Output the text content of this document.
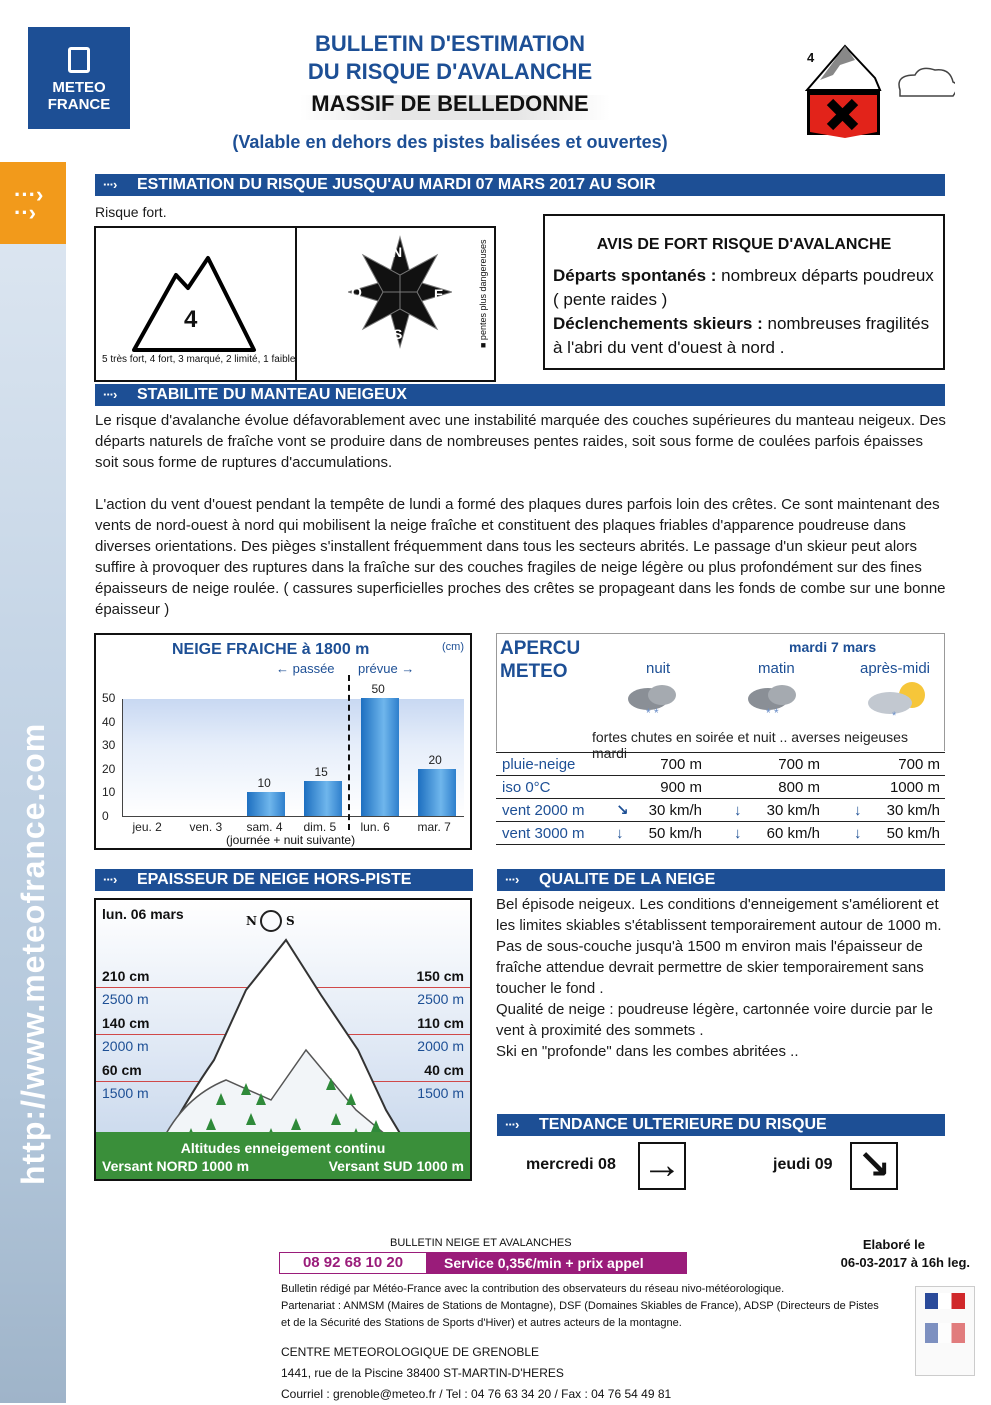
···›
··›
http://www.meteofrance.com
··›
METEO
FRANCE
BULLETIN D'ESTIMATION
DU RISQUE D'AVALANCHE
MASSIF DE BELLEDONNE
(Valable en dehors des pistes balisées et ouvertes)
4
···› ESTIMATION DU RISQUE JUSQU'AU MARDI 07 MARS 2017 AU SOIR
Risque fort.
4
5 très fort, 4 fort, 3 marqué, 2 limité, 1 faible
N
E
S
O	■ pentes plus dangereuses	AVIS DE FORT RISQUE D'AVALANCHE
Départs spontanés : nombreux départs poudreux ( pente raides )
Déclenchements skieurs : nombreuses fragilités à l'abri du vent d'ouest à nord .
···› STABILITE DU MANTEAU NEIGEUX
Le risque d'avalanche évolue défavorablement avec une instabilité marquée des couches supérieures du manteau neigeux. Des départs naturels de fraîche vont se produire dans de nombreuses pentes raides, soit sous forme de coulées parfois épaisses soit sous forme de ruptures d'accumulations.
L'action du vent d'ouest pendant la tempête de lundi a formé des plaques dures parfois loin des crêtes. Ce sont maintenant des vents de nord-ouest à nord qui mobilisent la neige fraîche et constituent des plaques friables d'apparence poudreuse dans diverses orientations. Des pièges s'installent fréquemment dans tous les secteurs abrités. Le passage d'un skieur peut alors suffire à provoquer des ruptures dans la fraîche sur des couches fragiles de neige légère ou plus profondément sur des fines épaisseurs de neige roulée. ( cassures superficielles proches des crêtes se propageant dans les fonds de combe sur une bonne épaisseur )
NEIGE FRAICHE à 1800 m	(cm)
← passée prévue →
10
15
50
20
0
10
20
30
40
50
jeu. 2 ven. 3 sam. 4 dim. 5 lun. 6 mar. 7
(journée + nuit suivante)
APERCU
METEO
mardi 7 mars
nuit	matin	après-midi
* *	* *	*
fortes chutes en soirée et nuit .. averses neigeuses mardi
pluie-neige	700 m	700 m	700 m
iso 0°C	900 m	800 m	1000 m
vent 2000 m ↘ 30 km/h ↓ 30 km/h ↓ 30 km/h
vent 3000 m ↓ 50 km/h ↓ 60 km/h ↓ 50 km/h
···› EPAISSEUR DE NEIGE HORS-PISTE
lun. 06 mars	N S
210 cm
2500 m
140 cm
2000 m
60 cm
1500 m
150 cm
2500 m
110 cm
2000 m
40 cm
1500 m
Altitudes enneigement continu
Versant NORD 1000 m	Versant SUD 1000 m
···› QUALITE DE LA NEIGE
Bel épisode neigeux. Les conditions d'enneigement s'améliorent et les limites skiables s'établissent temporairement autour de 1000 m. Pas de sous-couche jusqu'à 1500 m environ mais l'épaisseur de fraîche attendue devrait permettre de skier temporairement sans toucher le fond .
Qualité de neige : poudreuse légère, cartonnée voire durcie par le vent à proximité des sommets .
Ski en "profonde" dans les combes abritées ..
···› TENDANCE ULTERIEURE DU RISQUE
mercredi 08 →	jeudi 09 ↘
BULLETIN NEIGE ET AVALANCHES
08 92 68 10 20	Service 0,35€/min + prix appel
Elaboré le
06-03-2017 à 16h leg.
Bulletin rédigé par Météo-France avec la contribution des observateurs du réseau nivo-météorologique.
Partenariat : ANMSM (Maires de Stations de Montagne), DSF (Domaines Skiables de France), ADSP (Directeurs de Pistes et de la Sécurité des Stations de Sports d'Hiver) et autres acteurs de la montagne.
CENTRE METEOROLOGIQUE DE GRENOBLE
1441, rue de la Piscine 38400 ST-MARTIN-D'HERES
Courriel : grenoble@meteo.fr / Tel : 04 76 63 34 20 / Fax : 04 76 54 49 81
